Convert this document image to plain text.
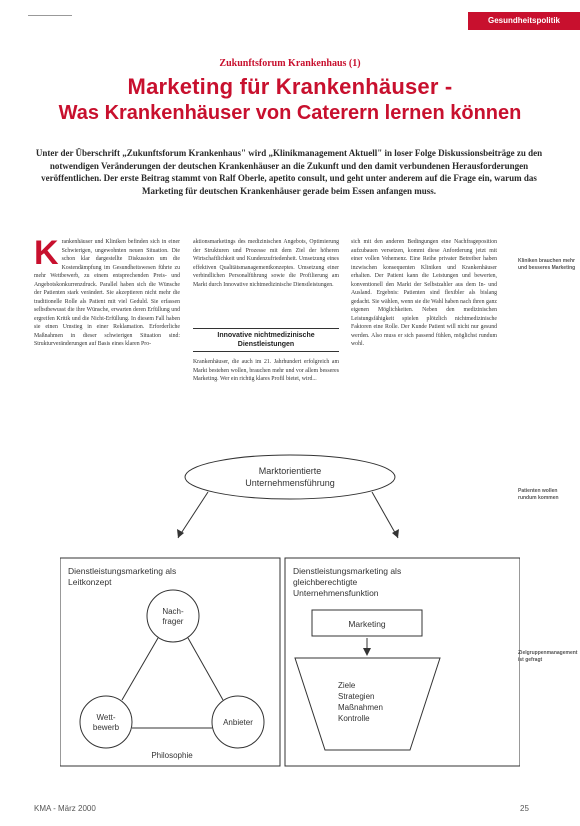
Gesundheitspolitik
Zukunftsforum Krankenhaus (1)
Marketing für Krankenhäuser -
Was Krankenhäuser von Caterern lernen können
Unter der Überschrift „Zukunftsforum Krankenhaus" wird „Klinikmanagement Aktuell" in loser Folge Diskussionsbeiträge zu den notwendigen Veränderungen der deutschen Krankenhäuser an die Zukunft und den damit verbundenen Herausforderungen veröffentlichen. Der erste Beitrag stammt von Ralf Oberle, apetito consult, und geht unter anderem auf die Frage ein, warum das Marketing für deutschen Krankenhäuser gerade beim Essen anfangen muss.
Krankenhäuser und Kliniken befinden sich in einer Schwierigen, ungewohnten neuen Situation. Die schon klar dargestellte Diskussion um die Kostendämpfung im Gesundheitswesen führte zu mehr Wettbewerb, zu einem entsprechenden Preis- und Angebotskonkurrenzdruck. Parallel haben sich die Wünsche der Patienten stark verändert. Sie akzeptieren nicht mehr die traditionelle Rolle als Patient mit viel Geduld. Sie erfassen selbstbewusst die ihre Wünsche, erwarten deren Erfüllung und ergreifen Kritik und die Nicht-Erfüllung. In diesem Fall haben sie einen Umstieg in einer Reklamation. Erforderliche Maßnahmen in dieser schwierigen Situation sind: Strukturveränderungen auf Basis eines klaren Pro-
aktionsmarketings des medizinischen Angebots, Optimierung der Strukturen und Prozesse mit dem Ziel der höheren Wirtschaftlichkeit und Kundenzufriedenheit. Umsetzung eines effektiven Qualitätsmanagementkonzeptes. Umsetzung einer verbindlichen Personalführung sowie die Profilierung am Markt durch Innovative nichtmedizinische Dienstleistungen.
Innovative nichtmedizinische Dienstleistungen
Krankenhäuser, die auch im 21. Jahrhundert erfolgreich am Markt bestehen wollen, brauchen mehr und vor allem besseres Marketing. Wer ein richtig klares Profil bietet, wird...
sich mit den anderen Bedingungen eine Nachfrageposition aufzubauen versetzen, kommt diese Anforderung jetzt mit einer vollen Vehemenz. Eine Reihe privater Betreiber haben inzwischen konsequenten Kliniken und Krankenhäuser erhalten. Der Patient kann die Leistungen und bewerten, konventionell den Markt der Selbstzahler aus dem In- und Ausland. Ergebnis: Patienten sind flexibler als bislang gedacht. Sie wählen, wenn sie die Wahl haben nach ihren ganz eigenen Möglichkeiten. Neben den medizinischen Leistungsfähigkeit spielen plötzlich nichtmedizinische Faktoren eine Rolle. Der Kunde Patient will nicht nur gesund werden. Also muss er sich passend fühlen, möglichst rundum wohl.
Kliniken brauchen mehr und besseres Marketing
Patienten wollen rundum kommen
Zielgruppenmanagement ist gefragt
Marktorientierte
Unternehmensführung
Dienstleistungsmarketing als
Leitkonzept
Nach-
frager
Wett-
bewerb
Anbieter
Philosophie
Dienstleistungsmarketing als
gleichberechtigte
Unternehmensfunktion
Marketing
Ziele
Strategien
Maßnahmen
Kontrolle
KMA - März 2000	25
